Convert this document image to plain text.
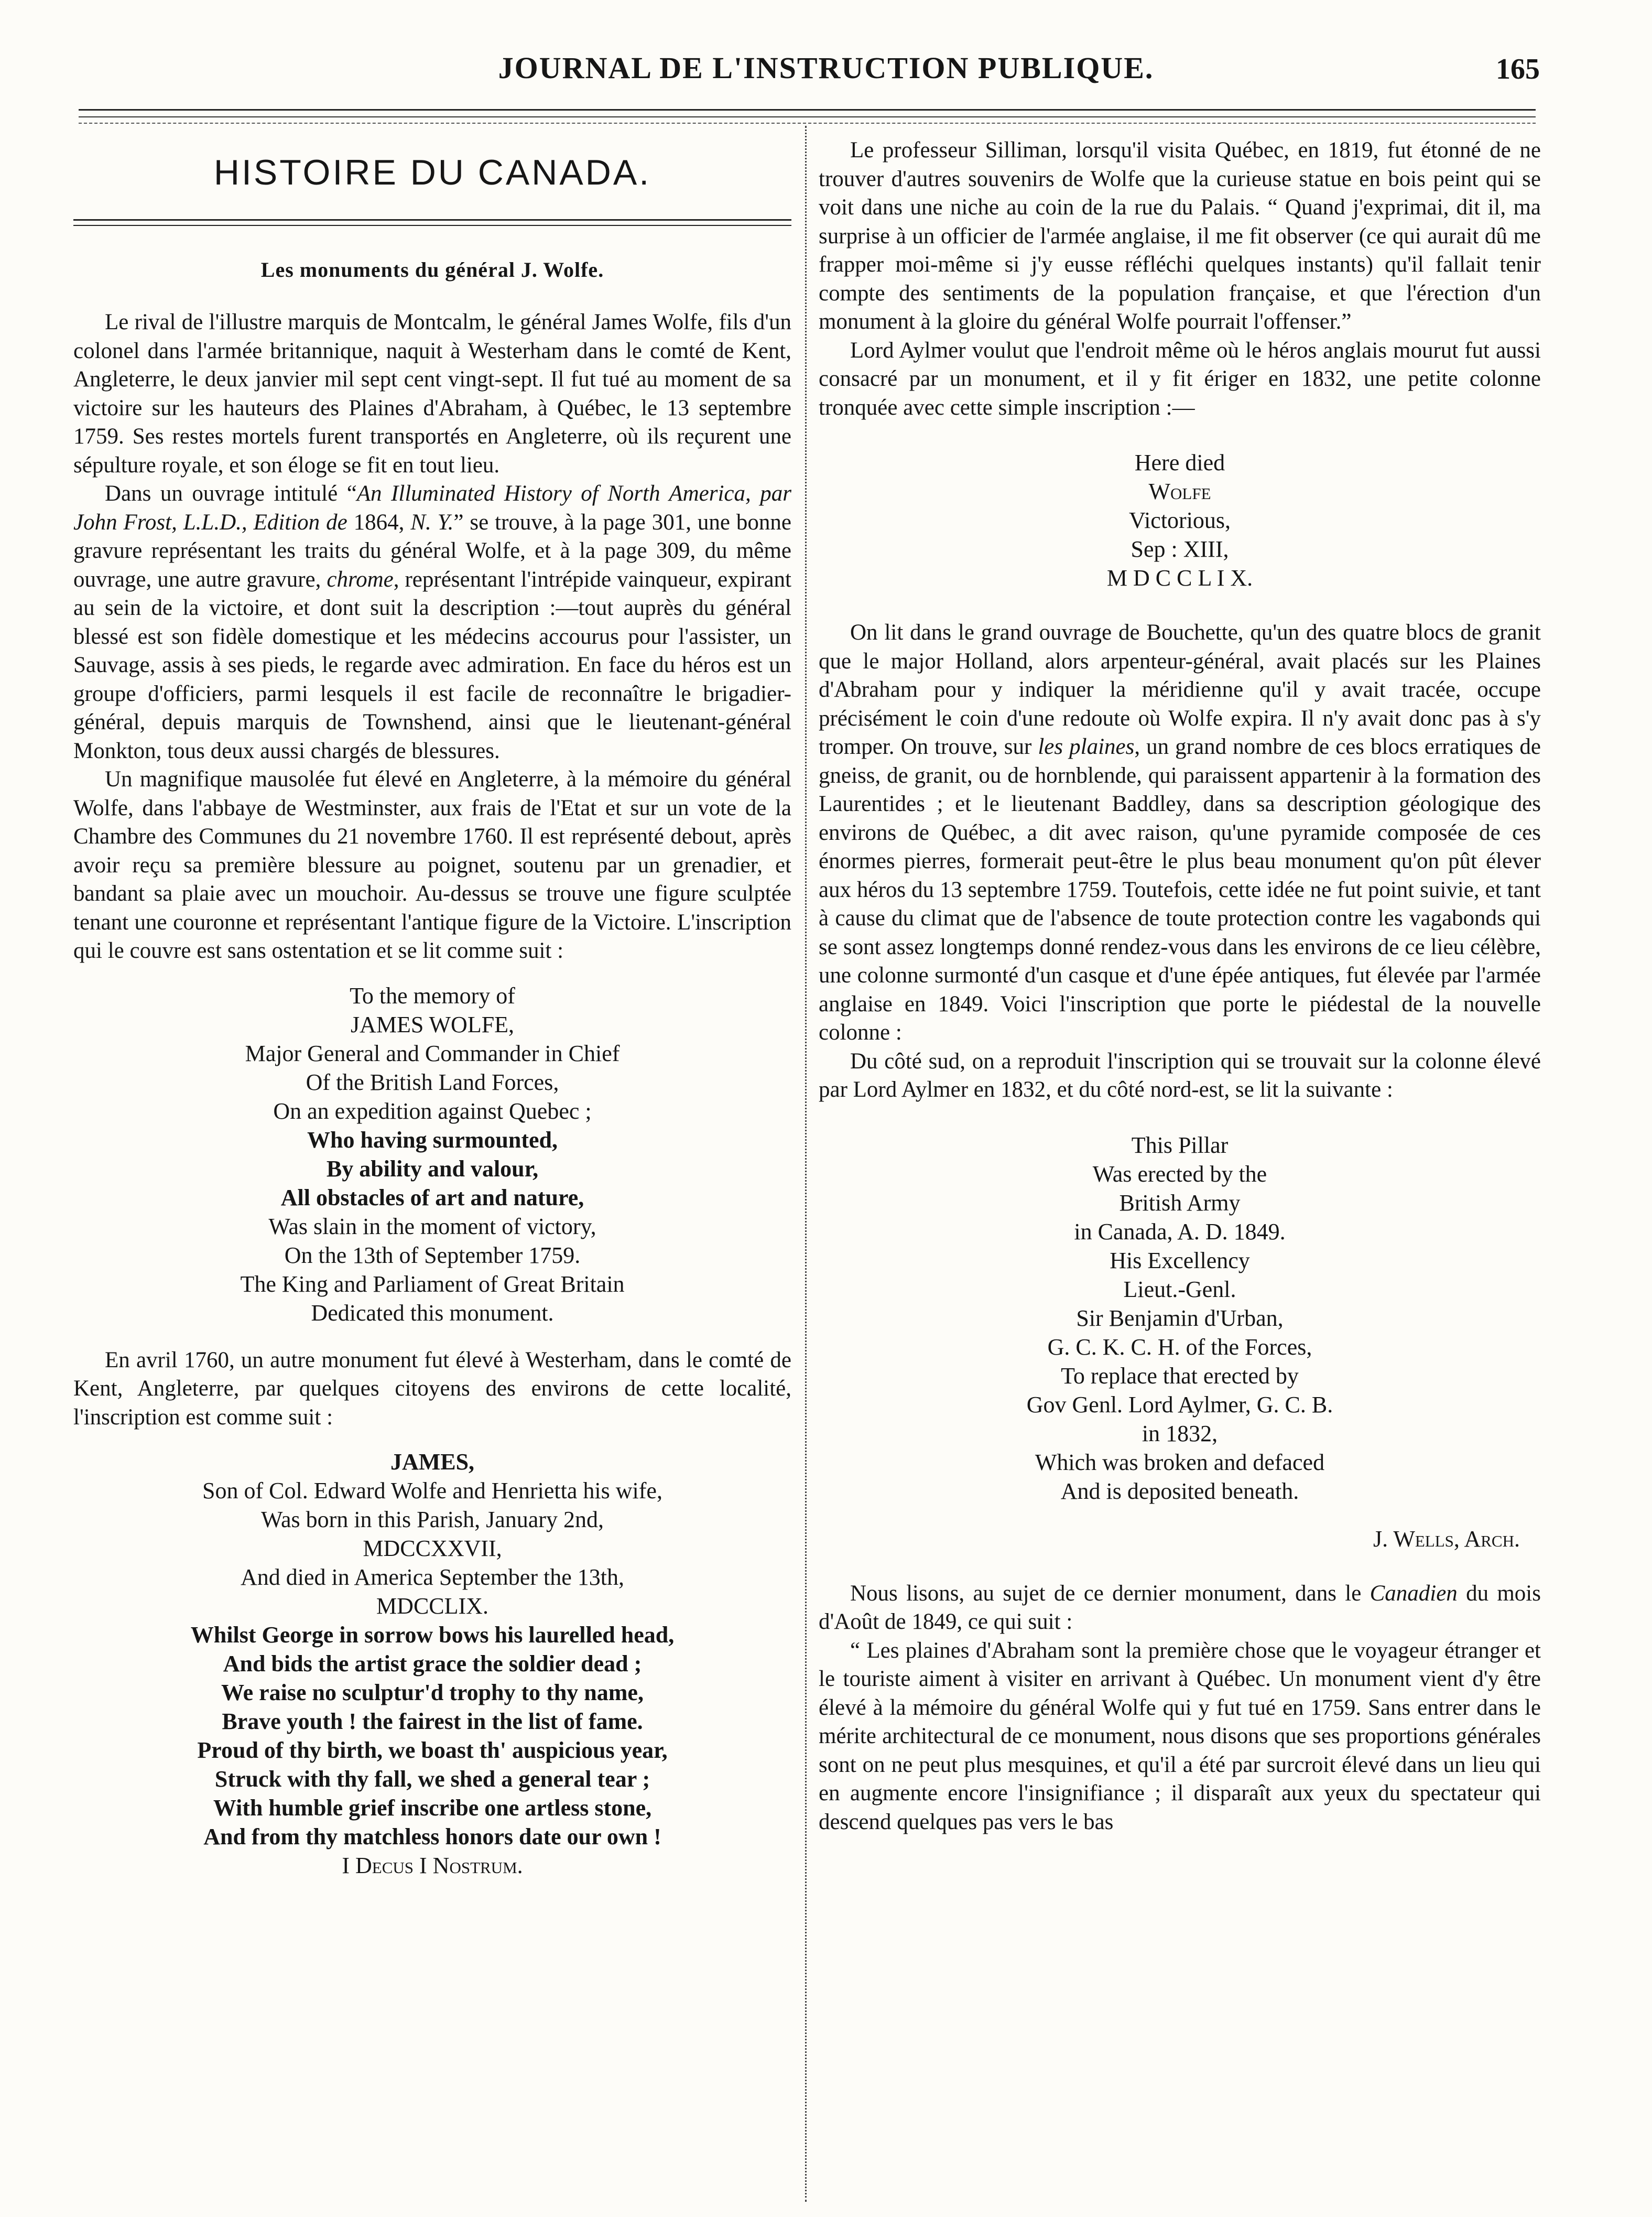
JOURNAL DE L'INSTRUCTION PUBLIQUE.	165
HISTOIRE DU CANADA.
Les monuments du général J. Wolfe.

Le rival de l'illustre marquis de Montcalm, le général James Wolfe, fils d'un colonel dans l'armée britannique, naquit à Westerham dans le comté de Kent, Angleterre, le deux janvier mil sept cent vingt-sept. Il fut tué au moment de sa victoire sur les hauteurs des Plaines d'Abraham, à Québec, le 13 septembre 1759. Ses restes mortels furent transportés en Angleterre, où ils reçurent une sépulture royale, et son éloge se fit en tout lieu.

Dans un ouvrage intitulé “An Illuminated History of North America, par John Frost, L.L.D., Edition de 1864, N. Y.” se trouve, à la page 301, une bonne gravure représentant les traits du général Wolfe, et à la page 309, du même ouvrage, une autre gravure, chrome, représentant l'intrépide vainqueur, expirant au sein de la victoire, et dont suit la description :—tout auprès du général blessé est son fidèle domestique et les médecins accourus pour l'assister, un Sauvage, assis à ses pieds, le regarde avec admiration. En face du héros est un groupe d'officiers, parmi lesquels il est facile de reconnaître le brigadier-général, depuis marquis de Townshend, ainsi que le lieutenant-général Monkton, tous deux aussi chargés de blessures.

Un magnifique mausolée fut élevé en Angleterre, à la mémoire du général Wolfe, dans l'abbaye de Westminster, aux frais de l'Etat et sur un vote de la Chambre des Communes du 21 novembre 1760. Il est représenté debout, après avoir reçu sa première blessure au poignet, soutenu par un grenadier, et bandant sa plaie avec un mouchoir. Au-dessus se trouve une figure sculptée tenant une couronne et représentant l'antique figure de la Victoire. L'inscription qui le couvre est sans ostentation et se lit comme suit :

To the memory of
JAMES WOLFE,
Major General and Commander in Chief
Of the British Land Forces,
On an expedition against Quebec ;
Who having surmounted,
By ability and valour,
All obstacles of art and nature,
Was slain in the moment of victory,
On the 13th of September 1759.
The King and Parliament of Great Britain
Dedicated this monument.

En avril 1760, un autre monument fut élevé à Westerham, dans le comté de Kent, Angleterre, par quelques citoyens des environs de cette localité, l'inscription est comme suit :

JAMES,
Son of Col. Edward Wolfe and Henrietta his wife,
Was born in this Parish, January 2nd,
MDCCXXVII,
And died in America September the 13th,
MDCCLIX.
Whilst George in sorrow bows his laurelled head,
And bids the artist grace the soldier dead ;
We raise no sculptur'd trophy to thy name,
Brave youth ! the fairest in the list of fame.
Proud of thy birth, we boast th' auspicious year,
Struck with thy fall, we shed a general tear ;
With humble grief inscribe one artless stone,
And from thy matchless honors date our own !
I Decus I Nostrum.

Le professeur Silliman, lorsqu'il visita Québec, en 1819, fut étonné de ne trouver d'autres souvenirs de Wolfe que la curieuse statue en bois peint qui se voit dans une niche au coin de la rue du Palais. “ Quand j'exprimai, dit il, ma surprise à un officier de l'armée anglaise, il me fit observer (ce qui aurait dû me frapper moi-même si j'y eusse réfléchi quelques instants) qu'il fallait tenir compte des sentiments de la population française, et que l'érection d'un monument à la gloire du général Wolfe pourrait l'offenser.”

Lord Aylmer voulut que l'endroit même où le héros anglais mourut fut aussi consacré par un monument, et il y fit ériger en 1832, une petite colonne tronquée avec cette simple inscription :—

Here died
Wolfe
Victorious,
Sep : XIII,
M D C C L I X.

On lit dans le grand ouvrage de Bouchette, qu'un des quatre blocs de granit que le major Holland, alors arpenteur-général, avait placés sur les Plaines d'Abraham pour y indiquer la méridienne qu'il y avait tracée, occupe précisément le coin d'une redoute où Wolfe expira. Il n'y avait donc pas à s'y tromper. On trouve, sur les plaines, un grand nombre de ces blocs erratiques de gneiss, de granit, ou de hornblende, qui paraissent appartenir à la formation des Laurentides ; et le lieutenant Baddley, dans sa description géologique des environs de Québec, a dit avec raison, qu'une pyramide composée de ces énormes pierres, formerait peut-être le plus beau monument qu'on pût élever aux héros du 13 septembre 1759. Toutefois, cette idée ne fut point suivie, et tant à cause du climat que de l'absence de toute protection contre les vagabonds qui se sont assez longtemps donné rendez-vous dans les environs de ce lieu célèbre, une colonne surmonté d'un casque et d'une épée antiques, fut élevée par l'armée anglaise en 1849. Voici l'inscription que porte le piédestal de la nouvelle colonne :

Du côté sud, on a reproduit l'inscription qui se trouvait sur la colonne élevé par Lord Aylmer en 1832, et du côté nord-est, se lit la suivante :

This Pillar
Was erected by the
British Army
in Canada, A. D. 1849.
His Excellency
Lieut.-Genl.
Sir Benjamin d'Urban,
G. C. K. C. H. of the Forces,
To replace that erected by
Gov Genl. Lord Aylmer, G. C. B.
in 1832,
Which was broken and defaced
And is deposited beneath.
J. Wells, Arch.

Nous lisons, au sujet de ce dernier monument, dans le Canadien du mois d'Août de 1849, ce qui suit :

“ Les plaines d'Abraham sont la première chose que le voyageur étranger et le touriste aiment à visiter en arrivant à Québec. Un monument vient d'y être élevé à la mémoire du général Wolfe qui y fut tué en 1759. Sans entrer dans le mérite architectural de ce monument, nous disons que ses proportions générales sont on ne peut plus mesquines, et qu'il a été par surcroit élevé dans un lieu qui en augmente encore l'insignifiance ; il disparaît aux yeux du spectateur qui descend quelques pas vers le bas
